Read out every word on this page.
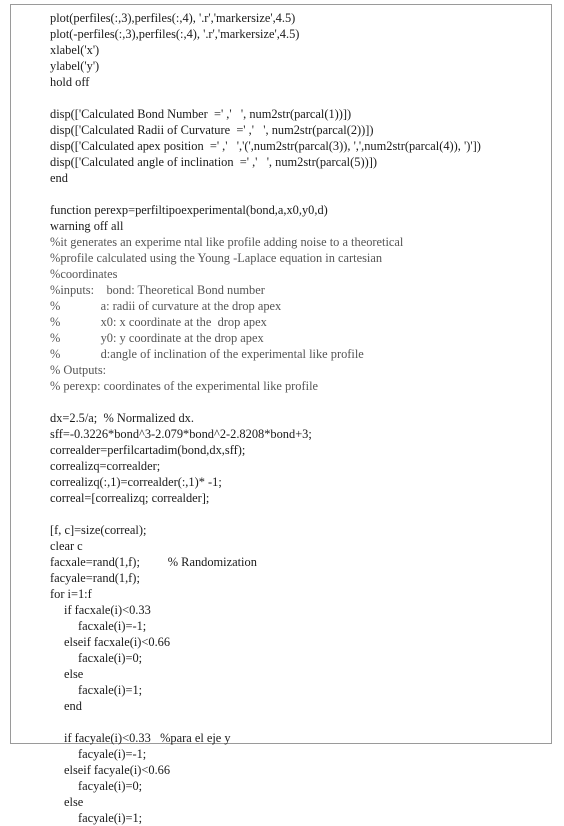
plot(perfiles(:,3),perfiles(:,4), '.r','markersize',4.5)
plot(-perfiles(:,3),perfiles(:,4), '.r','markersize',4.5)
xlabel('x')
ylabel('y')
hold off
disp(['Calculated Bond Number  =' ,'   ', num2str(parcal(1))])
disp(['Calculated Radii of Curvature  =' ,'   ', num2str(parcal(2))])
disp(['Calculated apex position  =' ,'   ','(',num2str(parcal(3)), ',',num2str(parcal(4)), ')'])
disp(['Calculated angle of inclination  =' ,'   ', num2str(parcal(5))])
end
function perexp=perfiltipoexperimental(bond,a,x0,y0,d)
warning off all
%it generates an experime ntal like profile adding noise to a theoretical
%profile calculated using the Young -Laplace equation in cartesian
%coordinates
%inputs:    bond: Theoretical Bond number
%             a: radii of curvature at the drop apex
%             x0: x coordinate at the  drop apex
%             y0: y coordinate at the drop apex
%             d:angle of inclination of the experimental like profile
% Outputs:
% perexp: coordinates of the experimental like profile
dx=2.5/a;  % Normalized dx.
sff=-0.3226*bond^3-2.079*bond^2-2.8208*bond+3;
correalder=perfilcartadim(bond,dx,sff);
correalizq=correalder;
correalizq(:,1)=correalder(:,1)* -1;
correal=[correalizq; correalder];
[f, c]=size(correal);
clear c
facxale=rand(1,f);         % Randomization
facyale=rand(1,f);
for i=1:f
if facxale(i)<0.33
facxale(i)=-1;
elseif facxale(i)<0.66
facxale(i)=0;
else
facxale(i)=1;
end
if facyale(i)<0.33   %para el eje y
facyale(i)=-1;
elseif facyale(i)<0.66
facyale(i)=0;
else
facyale(i)=1;
